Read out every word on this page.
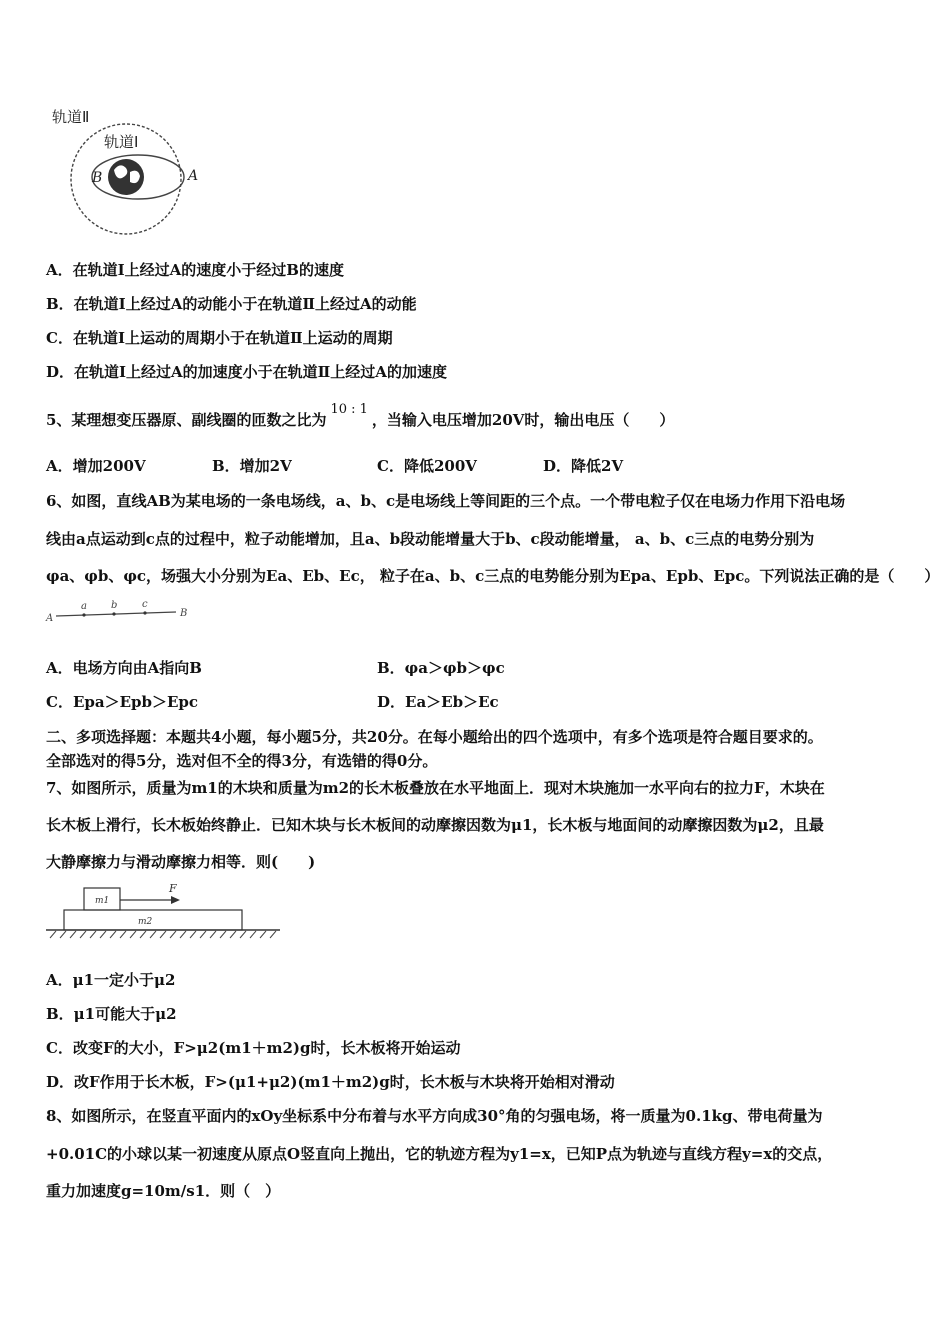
轨道Ⅱ
轨道Ⅰ
B	A
A．在轨道Ⅰ上经过A的速度小于经过B的速度
B．在轨道Ⅰ上经过A的动能小于在轨道Ⅱ上经过A的动能
C．在轨道Ⅰ上运动的周期小于在轨道Ⅱ上运动的周期
D．在轨道Ⅰ上经过A的加速度小于在轨道Ⅱ上经过A的加速度
5、某理想变压器原、副线圈的匝数之比为10 : 1，当输入电压增加20V时，输出电压（　　）
A．增加200V	B．增加2V	C．降低200V	D．降低2V
6、如图，直线AB为某电场的一条电场线，a、b、c是电场线上等间距的三个点。一个带电粒子仅在电场力作用下沿电场
线由a点运动到c点的过程中，粒子动能增加，且a、b段动能增量大于b、c段动能增量， a、b、c三点的电势分别为
φa、φb、φc，场强大小分别为Ea、Eb、Ec， 粒子在a、b、c三点的电势能分别为Epa、Epb、Epc。下列说法正确的是（　　）
A
a b c
B
A．电场方向由A指向B	B．φa＞φb＞φc
C．Epa＞Epb＞Epc	D．Ea＞Eb＞Ec
二、多项选择题：本题共4小题，每小题5分，共20分。在每小题给出的四个选项中，有多个选项是符合题目要求的。
全部选对的得5分，选对但不全的得3分，有选错的得0分。
7、如图所示，质量为m1的木块和质量为m2的长木板叠放在水平地面上．现对木块施加一水平向右的拉力F，木块在
长木板上滑行，长木板始终静止．已知木块与长木板间的动摩擦因数为μ1，长木板与地面间的动摩擦因数为μ2，且最
大静摩擦力与滑动摩擦力相等．则(　　)
m1
m2
F
A．μ1一定小于μ2
B．μ1可能大于μ2
C．改变F的大小，F>μ2(m1＋m2)g时，长木板将开始运动
D．改F作用于长木板，F>(μ1+μ2)(m1＋m2)g时，长木板与木块将开始相对滑动
8、如图所示，在竖直平面内的xOy坐标系中分布着与水平方向成30°角的匀强电场，将一质量为0.1kg、带电荷量为
+0.01C的小球以某一初速度从原点O竖直向上抛出，它的轨迹方程为y1=x，已知P点为轨迹与直线方程y=x的交点，
重力加速度g=10m/s1．则（　）
